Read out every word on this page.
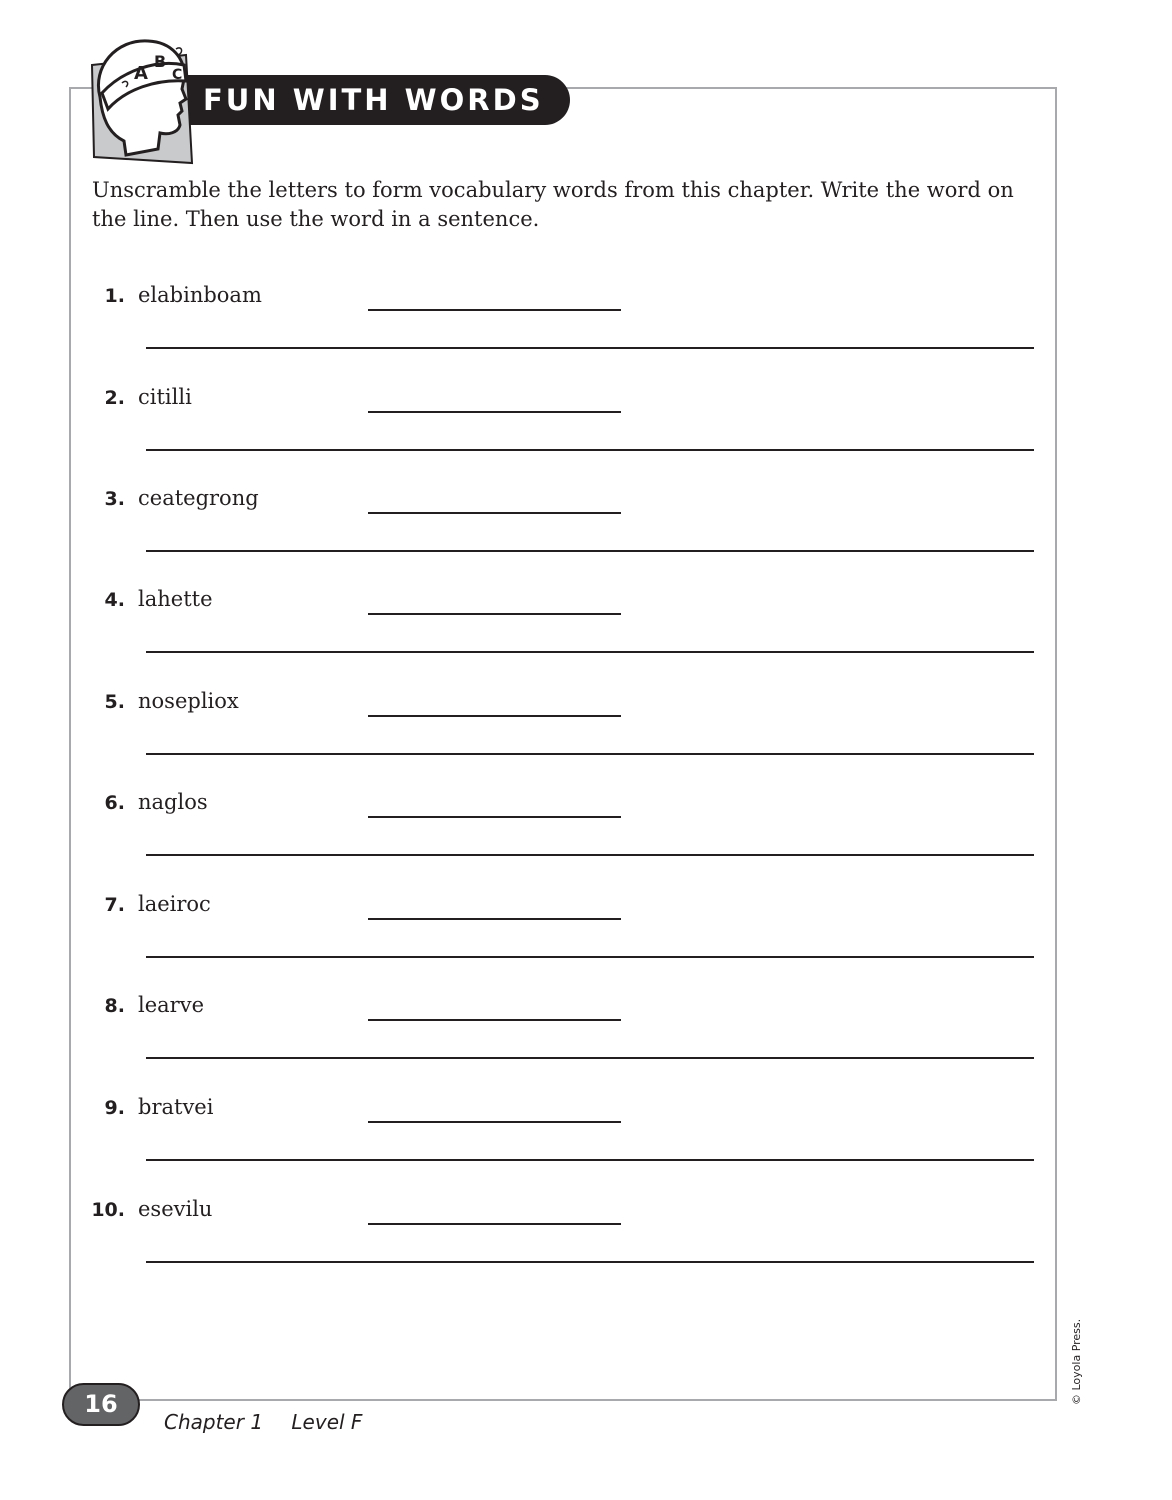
FUN WITH WORDS
A
B
C

Unscramble the letters to form vocabulary words from this chapter. Write the word on the line. Then use the word in a sentence.

1. elabinboam
2. citilli
3. ceategrong
4. lahette
5. nosepliox
6. naglos
7. laeiroc
8. learve
9. bratvei
10. esevilu
16
Chapter 1 Level F
© Loyola Press.
